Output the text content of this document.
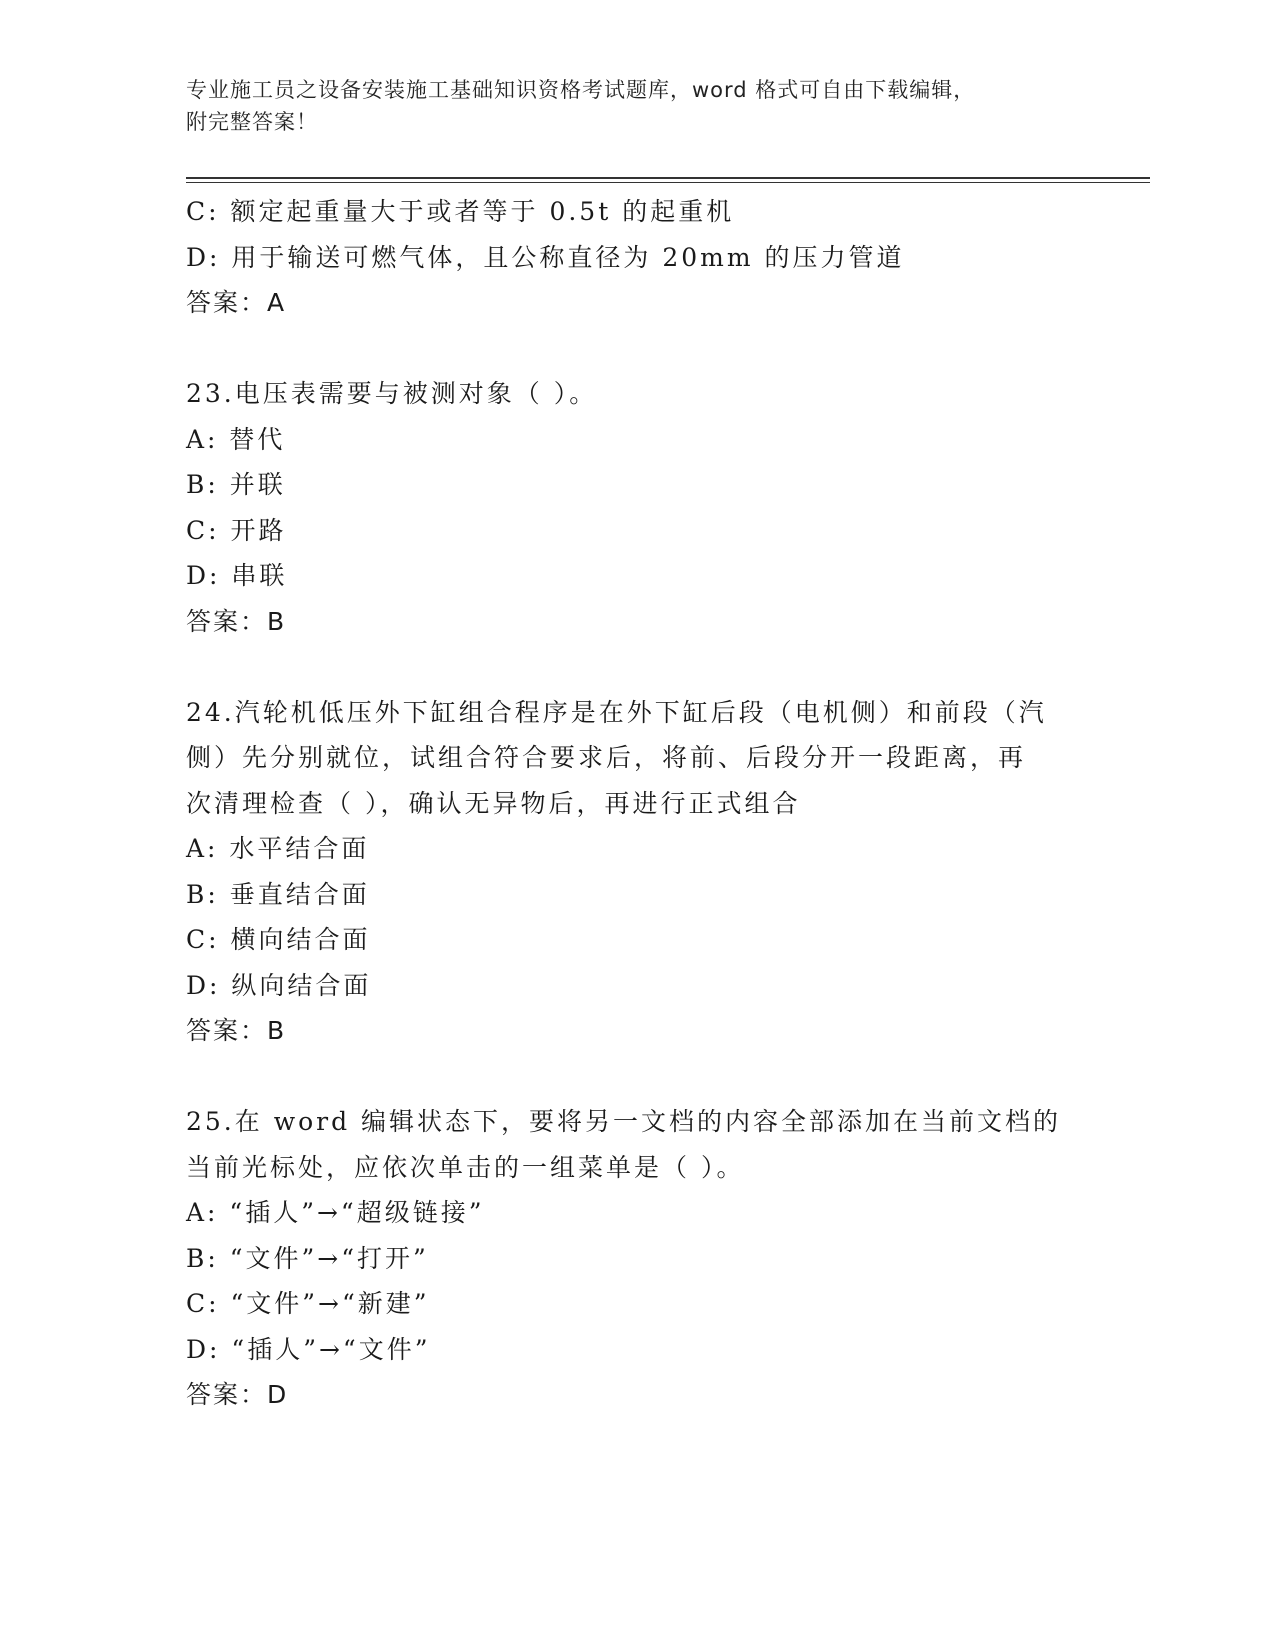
专业施工员之设备安装施工基础知识资格考试题库，word 格式可自由下载编辑，
附完整答案！
C: 额定起重量大于或者等于 0.5t 的起重机
D: 用于输送可燃气体，且公称直径为 20mm 的压力管道
答案：A
23.电压表需要与被测对象（ ）。
A: 替代
B: 并联
C: 开路
D: 串联
答案：B
24.汽轮机低压外下缸组合程序是在外下缸后段（电机侧）和前段（汽
侧）先分别就位，试组合符合要求后，将前、后段分开一段距离，再
次清理检查（ ），确认无异物后，再进行正式组合
A: 水平结合面
B: 垂直结合面
C: 横向结合面
D: 纵向结合面
答案：B
25.在 word 编辑状态下，要将另一文档的内容全部添加在当前文档的
当前光标处，应依次单击的一组菜单是（ ）。
A: “插人”→“超级链接”
B: “文件”→“打开”
C: “文件”→“新建”
D: “插人”→“文件”
答案：D
